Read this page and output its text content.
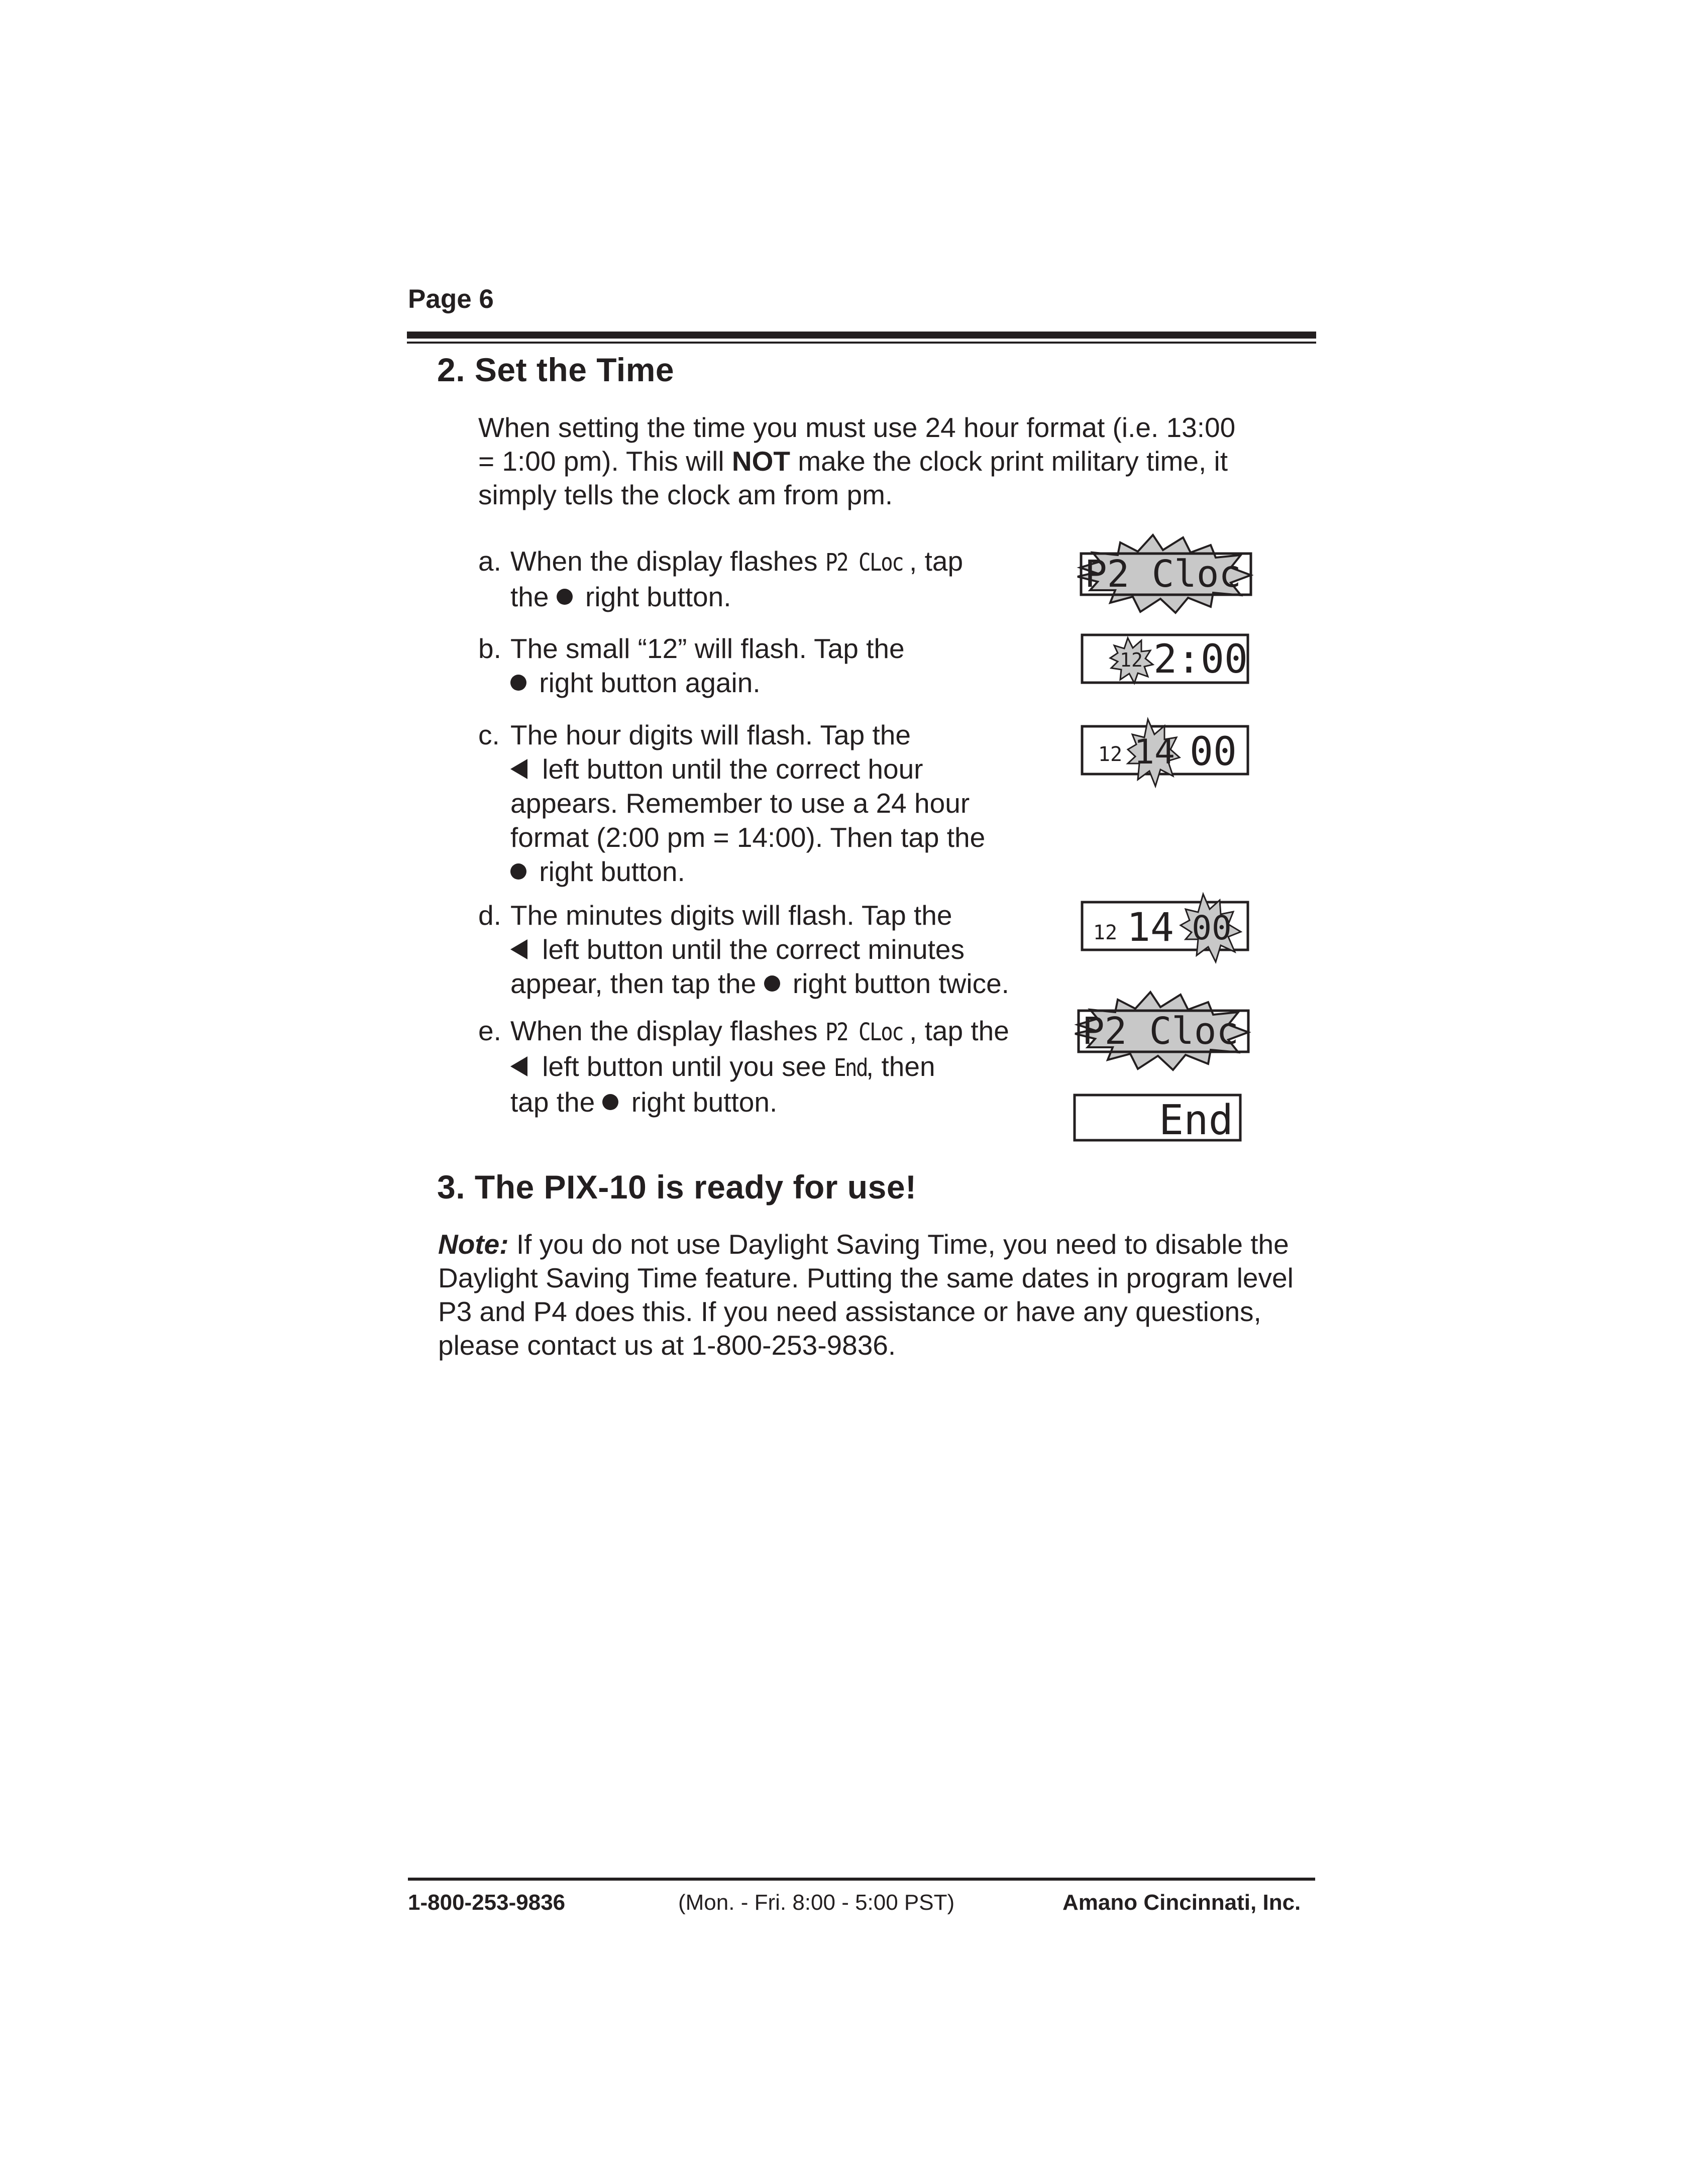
Page 6
2. Set the Time

When setting the time you must use 24 hour format (i.e. 13:00 = 1:00 pm). This will NOT make the clock print military time, it simply tells the clock am from pm.

a. When the display flashes P2 CLoc , tap
the  right button.
b. The small “12” will flash. Tap the
right button again.
c. The hour digits will flash. Tap the
left button until the correct hour
appears. Remember to use a 24 hour
format (2:00 pm = 14:00). Then tap the
right button.
d. The minutes digits will flash. Tap the
left button until the correct minutes
appear, then tap the  right button twice.
e. When the display flashes P2 CLoc , tap the
left button until you see End, then
tap the  right button.
P2 Cloc
12 2:00
12 14 00
12 14 00
P2 Cloc
End
3. The PIX-10 is ready for use!

Note: If you do not use Daylight Saving Time, you need to disable the Daylight Saving Time feature. Putting the same dates in program level P3 and P4 does this. If you need assistance or have any questions, please contact us at 1-800-253-9836.

1-800-253-9836	(Mon. - Fri. 8:00 - 5:00 PST)	Amano Cincinnati, Inc.
